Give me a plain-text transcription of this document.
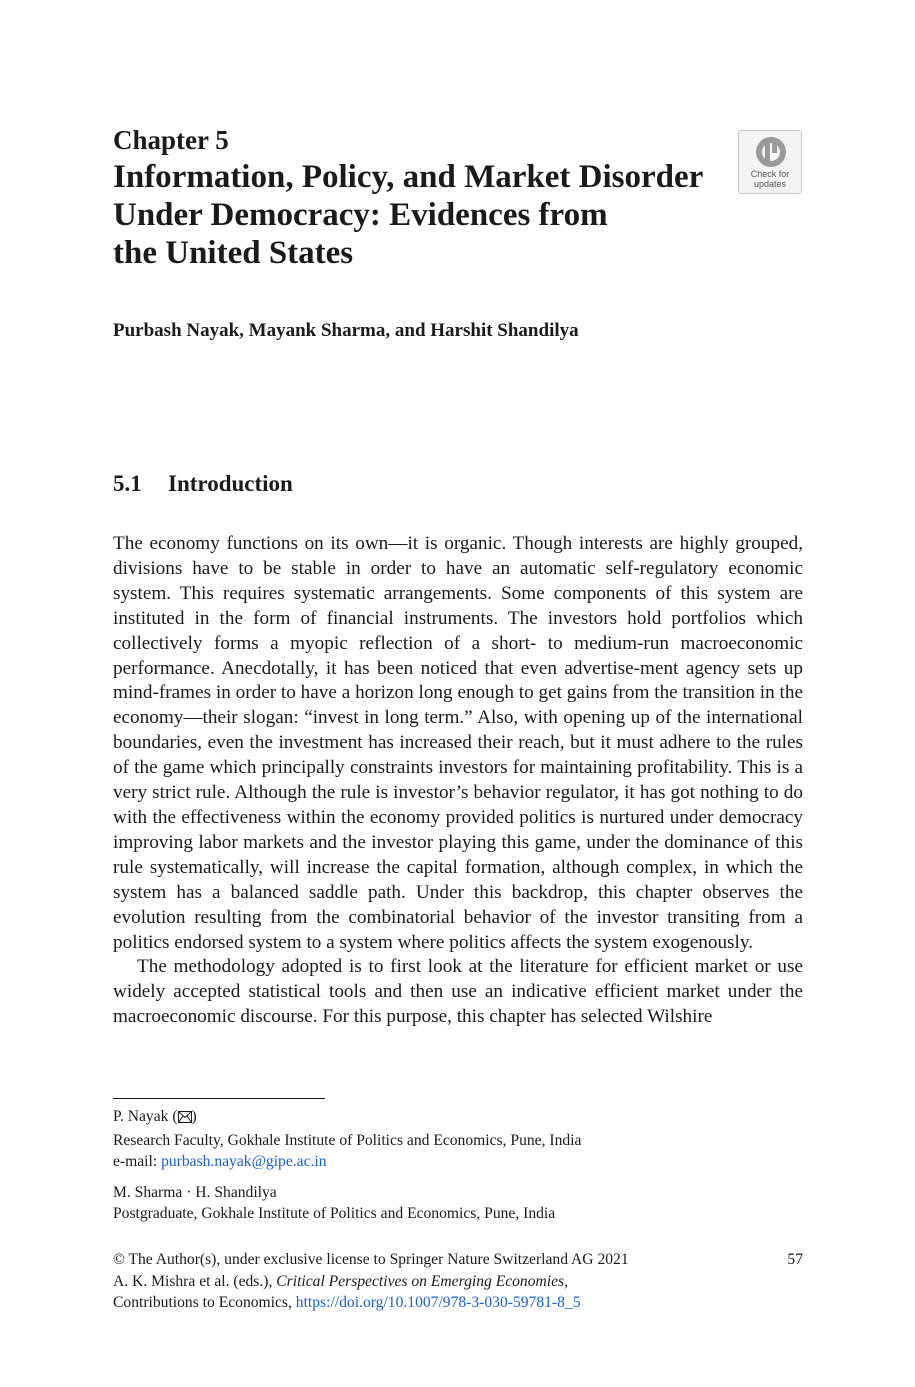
Chapter 5
Information, Policy, and Market Disorder
Under Democracy: Evidences from
the United States
Check for
updates
Purbash Nayak, Mayank Sharma, and Harshit Shandilya
5.1 Introduction

The economy functions on its own—it is organic. Though interests are highly grouped, divisions have to be stable in order to have an automatic self-regulatory economic system. This requires systematic arrangements. Some components of this system are instituted in the form of financial instruments. The investors hold portfolios which collectively forms a myopic reflection of a short- to medium-run macroeconomic performance. Anecdotally, it has been noticed that even advertise-ment agency sets up mind-frames in order to have a horizon long enough to get gains from the transition in the economy—their slogan: “invest in long term.” Also, with opening up of the international boundaries, even the investment has increased their reach, but it must adhere to the rules of the game which principally constraints investors for maintaining profitability. This is a very strict rule. Although the rule is investor’s behavior regulator, it has got nothing to do with the effectiveness within the economy provided politics is nurtured under democracy improving labor markets and the investor playing this game, under the dominance of this rule systematically, will increase the capital formation, although complex, in which the system has a balanced saddle path. Under this backdrop, this chapter observes the evolution resulting from the combinatorial behavior of the investor transiting from a politics endorsed system to a system where politics affects the system exogenously.

The methodology adopted is to first look at the literature for efficient market or use widely accepted statistical tools and then use an indicative efficient market under the macroeconomic discourse. For this purpose, this chapter has selected Wilshire

P. Nayak ( )
Research Faculty, Gokhale Institute of Politics and Economics, Pune, India
e-mail: purbash.nayak@gipe.ac.in
M. Sharma · H. Shandilya
Postgraduate, Gokhale Institute of Politics and Economics, Pune, India
© The Author(s), under exclusive license to Springer Nature Switzerland AG 2021
A. K. Mishra et al. (eds.), Critical Perspectives on Emerging Economies,
Contributions to Economics, https://doi.org/10.1007/978-3-030-59781-8_5
57
